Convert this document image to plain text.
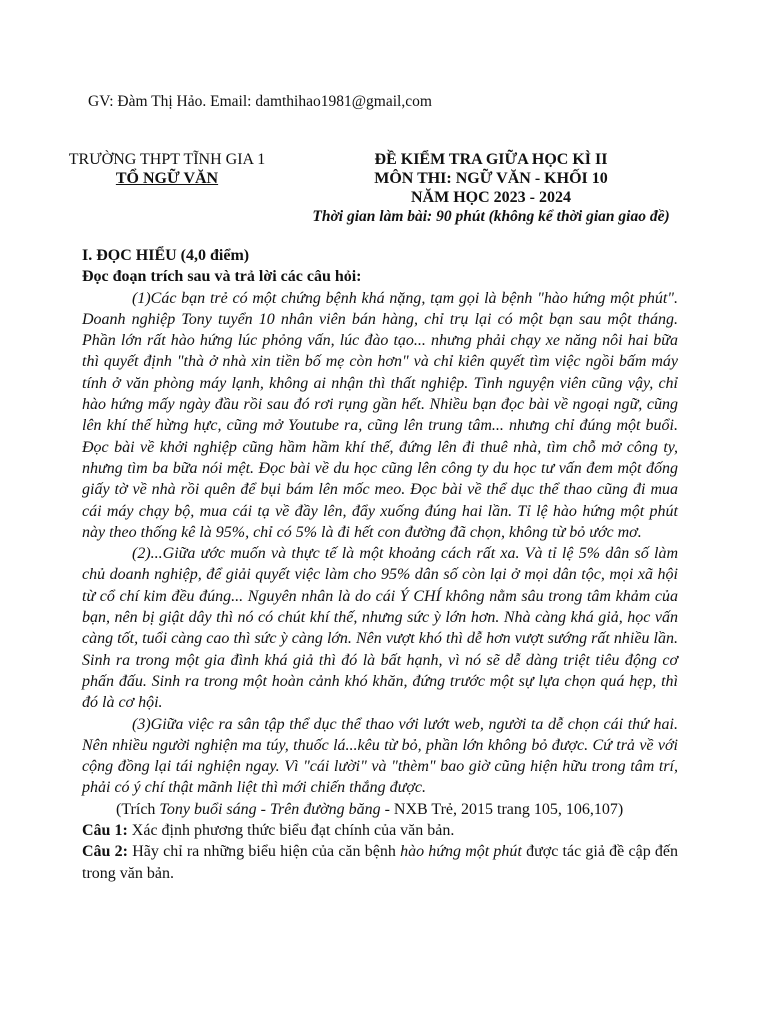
GV: Đàm Thị Hảo. Email: damthihao1981@gmail,com
TRƯỜNG THPT TĨNH GIA 1
TỔ NGỮ VĂN
ĐỀ KIỂM TRA GIỮA HỌC KÌ II
MÔN THI: NGỮ VĂN - KHỐI 10
NĂM HỌC 2023 - 2024
Thời gian làm bài: 90 phút (không kể thời gian giao đề)
I. ĐỌC HIỂU (4,0 điểm)
Đọc đoạn trích sau và trả lời các câu hỏi:
(1)Các bạn trẻ có một chứng bệnh khá nặng, tạm gọi là bệnh "hào hứng một phút". Doanh nghiệp Tony tuyển 10 nhân viên bán hàng, chỉ trụ lại có một bạn sau một tháng. Phần lớn rất hào hứng lúc phỏng vấn, lúc đào tạo... nhưng phải chạy xe năng nôi hai bữa thì quyết định "thà ở nhà xin tiền bố mẹ còn hơn" và chỉ kiên quyết tìm việc ngồi bấm máy tính ở văn phòng máy lạnh, không ai nhận thì thất nghiệp. Tình nguyện viên cũng vậy, chỉ hào hứng mấy ngày đầu rồi sau đó rơi rụng gần hết. Nhiều bạn đọc bài về ngoại ngữ, cũng lên khí thế hừng hực, cũng mở Youtube ra, cũng lên trung tâm... nhưng chỉ đúng một buổi. Đọc bài về khởi nghiệp cũng hầm hầm khí thế, đứng lên đi thuê nhà, tìm chỗ mở công ty, nhưng tìm ba bữa nói mệt. Đọc bài về du học cũng lên công ty du học tư vấn đem một đống giấy tờ về nhà rồi quên để bụi bám lên mốc meo. Đọc bài về thể dục thể thao cũng đi mua cái máy chạy bộ, mua cái tạ về đầy lên, đẩy xuống đúng hai lần. Tỉ lệ hào hứng một phút này theo thống kê là 95%, chỉ có 5% là đi hết con đường đã chọn, không từ bỏ ước mơ.
(2)...Giữa ước muốn và thực tế là một khoảng cách rất xa. Và tỉ lệ 5% dân số làm chủ doanh nghiệp, để giải quyết việc làm cho 95% dân số còn lại ở mọi dân tộc, mọi xã hội từ cổ chí kim đều đúng... Nguyên nhân là do cái Ý CHÍ không nằm sâu trong tâm khảm của bạn, nên bị giật dây thì nó có chút khí thế, nhưng sức ỳ lớn hơn. Nhà càng khá giả, học vấn càng tốt, tuổi càng cao thì sức ỳ càng lớn. Nên vượt khó thì dễ hơn vượt sướng rất nhiều lần. Sinh ra trong một gia đình khá giả thì đó là bất hạnh, vì nó sẽ dễ dàng triệt tiêu động cơ phấn đấu. Sinh ra trong một hoàn cảnh khó khăn, đứng trước một sự lựa chọn quá hẹp, thì đó là cơ hội.
(3)Giữa việc ra sân tập thể dục thể thao với lướt web, người ta dễ chọn cái thứ hai. Nên nhiều người nghiện ma túy, thuốc lá...kêu từ bỏ, phần lớn không bỏ được. Cứ trả về với cộng đồng lại tái nghiện ngay. Vì "cái lười" và "thèm" bao giờ cũng hiện hữu trong tâm trí, phải có ý chí thật mãnh liệt thì mới chiến thắng được.
(Trích Tony buổi sáng - Trên đường băng - NXB Trẻ, 2015 trang 105, 106,107)
Câu 1: Xác định phương thức biểu đạt chính của văn bản.
Câu 2: Hãy chỉ ra những biểu hiện của căn bệnh hào hứng một phút được tác giả đề cập đến trong văn bản.
